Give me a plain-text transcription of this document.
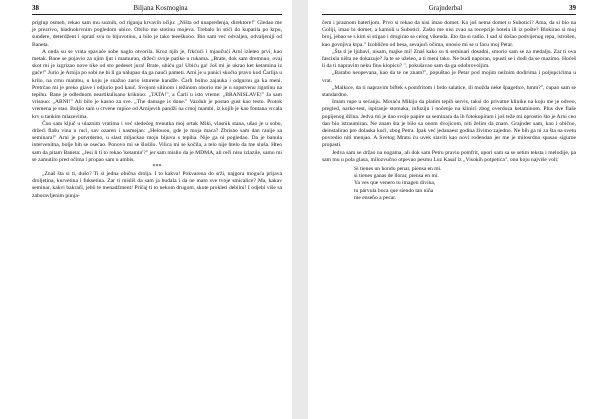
38	Biljana Kosmogina

priglup osmeh, rekao sam mu suzníh, od riganja krvavih očiju: „Ništa od unapređenja, direktore!" Gledao me je prezrivo, hladnokrvnim pogledom ubice. Obilio me stotinu mojeva. Trebalo bi stići do kupatila po krpu, sunđere, deterdžent i oprati svu tu bljuvotinu, a bilo je tako teeeškooo. Bio sam već odvaljen, odvaljeniji od Baneta.

A onda su se vrata spavaće sobe naglo otvorila. Kroz njih je, frkćući i mjaučući Arni izleteo prvi, kao metak. Bane se pojavio za njim ljut i mamuran, držeći svoje patike u rukama. „Brate, dok sam dremnuo, ovaj skot mi je izgrizao nove tike od sto pedeset jura! Brate, ubiću ga! Ubiću ga! Još mi je ukrao ket ketamina iz gaće!" Jurio je Arnija po sobi ne bi li ga nalupao da ga nauči pameti. Arni je u panici skočio pravo kod Čarlija u krilo, na crnu mambu, u koju je snažno zario isturene kandže. Čarli bolno zajauka i odgurnu ga ka meni. Pretrčao mi je preko glave i odjurio pod kauč. Svojom silinom i težinom oborio me je u sopstvenu rigotinu na tepihu. Bane je odlednom neartikulisano kriknuo: „TATA!", a Čarli u isto vreme: „BRANISLAVE!" Ja sam vrisnuo: „ARNI!" Ali bilo je kasno za sve. „The damage is done." Vazduh je postao gust kao testo. Protok vremena je stao. Buljio sam u crvene rupice od Arnijevih pandži na crnoj mambi, iz kojih je kao fontana vrcala krv u tankim mlazevima.

Čuo sam ključ u ulaznim vratima i već sledećeg trenutka moj ortak Miki, vlasnik stana, ušao je u sobu, držeći flašu vina u ruci, sav ozaren i nasmejan: „Helouou, gde je moja maca? Zbrisao sam dan ranije sa seminara!" Arni je potvrdemo, u slast mljackao moju bljuvu s tepiha. Nije ga ni pogledao. Da je banula intervenitna, bolje bih se osećao. Ponovo mi se šlošilo. Vilica mi se kočila, a telo nije htelo da me sluša. Hteo sam da pitam Baneta: „Jesi li ti to rekao 'ketamin'?" jer sam mislio da je MDMA, ali reči nisu izlazile, samo mi se zamutilo pred očima i propao sam u ambis.

***

„Znaš šta si ti, dušo? Ti si jedna obična drolja. I to kakva! Pokvarena do srži, najgora moguća prljava droljetina, kurvetina i fuksetina. Zar ti misliš da sam ja budala i da ne mam sve tvoje smicalice? Ma, kakav seminar, kakvi bakrači, jebô te menadžment! Pričaj ti to nekom drugom, skote prokleti debilni! I odjebi više sa zaboravljenim punja-

Grajnderbal	39

čem i praznom baterijom. Prvo si rekao da nisi imao domet. Ko još nema domet u Subotici? Ama, da si bio na Goliji, imao bi domet, a kamoli u Subotici. Zašto me nisi zvao sa recepcije hotela ili iz pošte? Blokirao si moj broj, jebao se s kim si stigao i drogirao se celog vikenda. Eto šta si radio. I sad si došao podvijenog repa, istrošen, kao govnjiva krpa." Izobličen od besa, sevajući očima, unosio mi se u facu moj Petar.

„Šta ti je ljubavi, nisam, majke mi! Znaš kako su ti seminari dosadni, smorio sam se za medalju. Zar ti ova fasciкla ništa ne dokazuje? Ja te se uželео, a ti meni tako. Ne budi naporan, opusti se i dođi da se mazimo. Hoćeš li da ti napravim neku finu klopicu? ", pokušavao sam da ga odobrovoljim.

„Barabo neopevana, kao da te ne znam!", popuštao je Petar pod mojim nežnim dodirima i poljupcićima u vrat.

„Malkice, da ti napravim biftek s pomfritom i brdo salatice, ili možda neke špagetice, hmm?", cupao sam se standardno.

Imam rupe u sećanju. Moraću Mikiju da platim tepih servis, taksi do privatne klinike na koju me je odveo, pregled, narko-test, ispiranje stomaka, infuziju i noćenje na klinici zbog overdoza ketaminom. Plus dve flaše popijenog džina. Jedva mi je dao svoje papire sa seminara da ih fotokopiram i još teže mi oprostio što je Arni ceo dan bio istraumiran. Ne znam šta je bilo sa onom dvojicom, niti želim da znam. Grajnder sam, kao i obično, deinstalirao pre dolaska kući, zbog Petra. Ipak već jedanaest godina živimo zajedno. Ne bih ga ni za šta na svetu povredio niti menjao. A Svetog Mratu ću uvek slaviti kao novi rođendan jer me je milosrdno spasao sigurne propasti.

Jedva sam se držao na nogama, ali dok sam Petru pravio pomfrit, upori sam sa se setim teksta i melodije, pa sam mu u pola glasa, milozvučno otpevao pesmu Luz Kasal iz „Visokih potpetica", onu koju najviše voli:

Si tienes un hondo penar, piensa en mí.
si tienes ganas de llorar, piensa en mí.
Ya ves que venero tu imagen divina,
tu párvula boca que siendo tan niña
me enseño a pecar.
